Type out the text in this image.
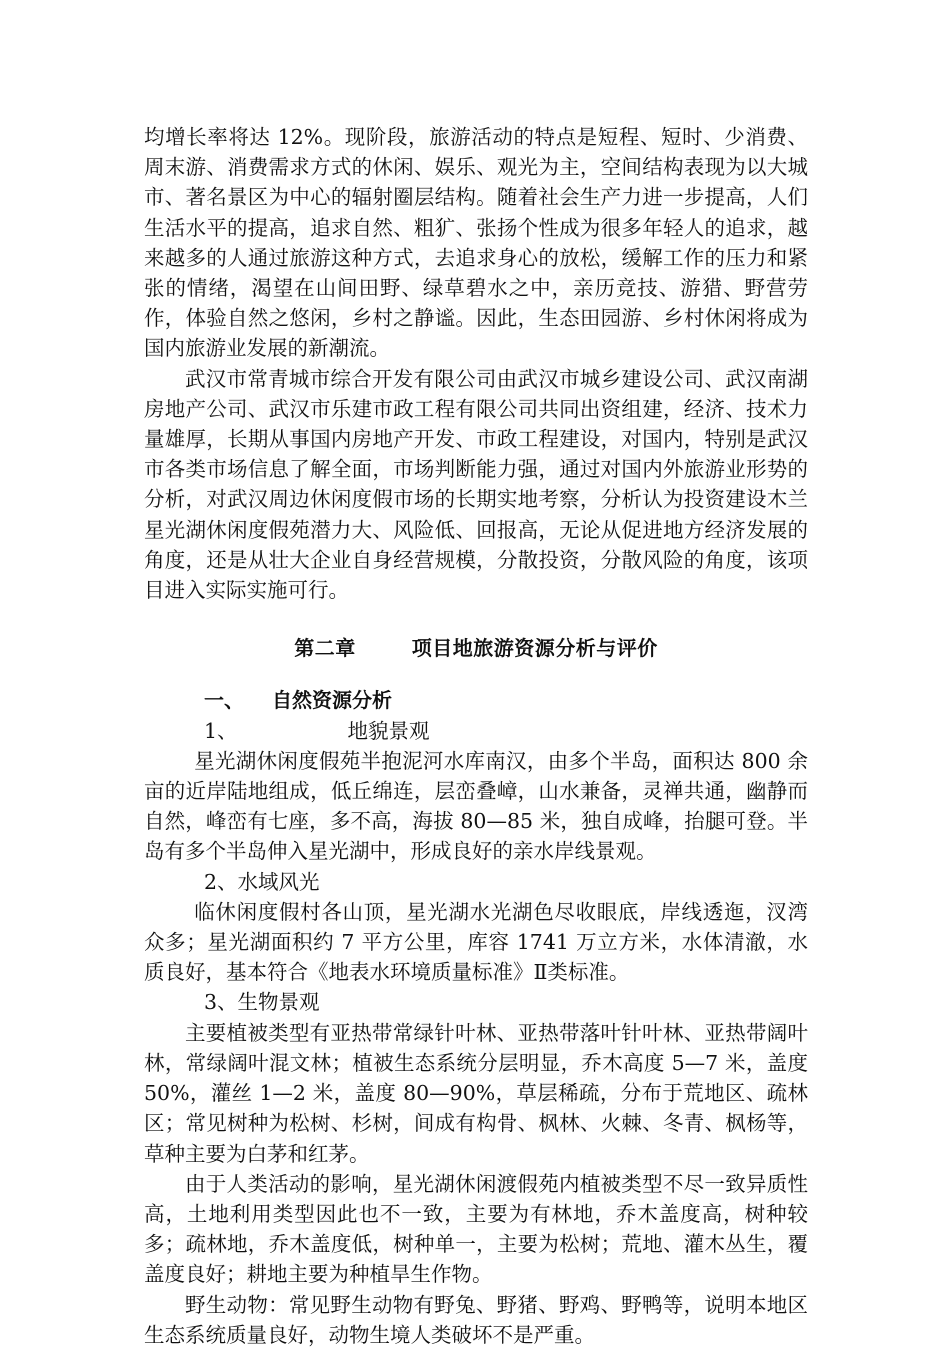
均增长率将达 12%。现阶段，旅游活动的特点是短程、短时、少消费、周末游、消费需求方式的休闲、娱乐、观光为主，空间结构表现为以大城市、著名景区为中心的辐射圈层结构。随着社会生产力进一步提高，人们生活水平的提高，追求自然、粗犷、张扬个性成为很多年轻人的追求，越来越多的人通过旅游这种方式，去追求身心的放松，缓解工作的压力和紧张的情绪，渴望在山间田野、绿草碧水之中，亲历竞技、游猎、野营劳作，体验自然之悠闲，乡村之静谧。因此，生态田园游、乡村休闲将成为国内旅游业发展的新潮流。

武汉市常青城市综合开发有限公司由武汉市城乡建设公司、武汉南湖房地产公司、武汉市乐建市政工程有限公司共同出资组建，经济、技术力量雄厚，长期从事国内房地产开发、市政工程建设，对国内，特别是武汉市各类市场信息了解全面，市场判断能力强，通过对国内外旅游业形势的分析，对武汉周边休闲度假市场的长期实地考察，分析认为投资建设木兰星光湖休闲度假苑潜力大、风险低、回报高，无论从促进地方经济发展的角度，还是从壮大企业自身经营规模，分散投资，分散风险的角度，该项目进入实际实施可行。

第二章	项目地旅游资源分析与评价

一、 自然资源分析

1、	地貌景观

星光湖休闲度假苑半抱泥河水库南汉，由多个半岛，面积达 800 余亩的近岸陆地组成，低丘绵连，层峦叠嶂，山水兼备，灵禅共通，幽静而自然，峰峦有七座，多不高，海拔 80—85 米，独自成峰，抬腿可登。半岛有多个半岛伸入星光湖中，形成良好的亲水岸线景观。

2、水域风光

临休闲度假村各山顶，星光湖水光湖色尽收眼底，岸线透迤，汊湾众多；星光湖面积约 7 平方公里，库容 1741 万立方米，水体清澈，水质良好，基本符合《地表水环境质量标准》Ⅱ类标准。

3、生物景观

主要植被类型有亚热带常绿针叶林、亚热带落叶针叶林、亚热带阔叶林，常绿阔叶混文林；植被生态系统分层明显，乔木高度 5—7 米，盖度 50%，灌丝 1—2 米，盖度 80—90%，草层稀疏，分布于荒地区、疏林区；常见树种为松树、杉树，间成有构骨、枫林、火棘、冬青、枫杨等，草种主要为白茅和红茅。

由于人类活动的影响，星光湖休闲渡假苑内植被类型不尽一致异质性高，土地利用类型因此也不一致，主要为有林地，乔木盖度高，树种较多；疏林地，乔木盖度低，树种单一，主要为松树；荒地、灌木丛生，覆盖度良好；耕地主要为种植旱生作物。

野生动物：常见野生动物有野兔、野猪、野鸡、野鸭等，说明本地区生态系统质量良好，动物生境人类破坏不是严重。
